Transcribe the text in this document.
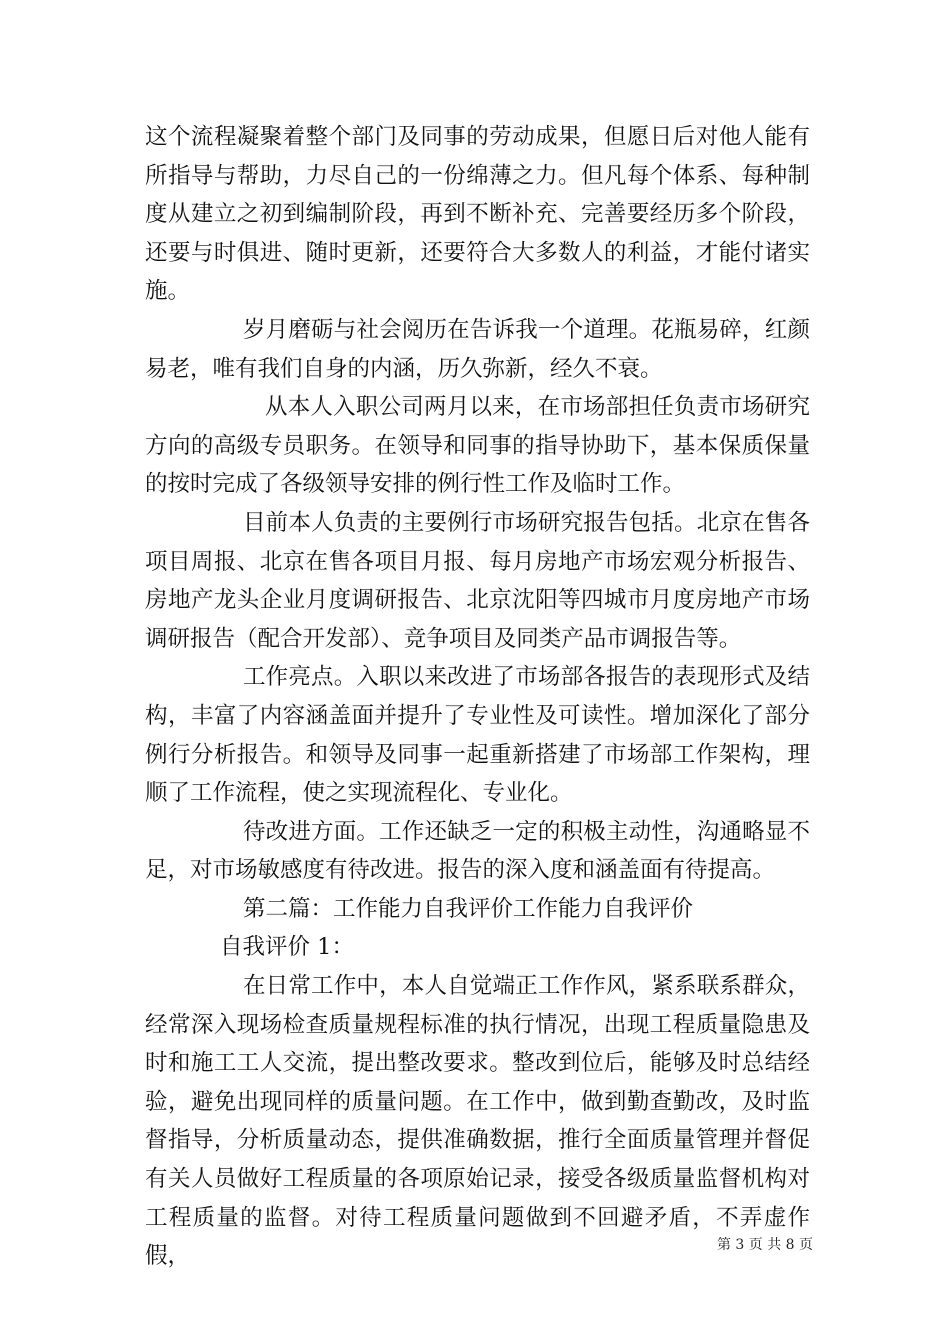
这个流程凝聚着整个部门及同事的劳动成果，但愿日后对他人能有所指导与帮助，力尽自己的一份绵薄之力。但凡每个体系、每种制度从建立之初到编制阶段，再到不断补充、完善要经历多个阶段，还要与时俱进、随时更新，还要符合大多数人的利益，才能付诸实施。

岁月磨砺与社会阅历在告诉我一个道理。花瓶易碎，红颜易老，唯有我们自身的内涵，历久弥新，经久不衰。

从本人入职公司两月以来，在市场部担任负责市场研究方向的高级专员职务。在领导和同事的指导协助下，基本保质保量的按时完成了各级领导安排的例行性工作及临时工作。

目前本人负责的主要例行市场研究报告包括。北京在售各项目周报、北京在售各项目月报、每月房地产市场宏观分析报告、房地产龙头企业月度调研报告、北京沈阳等四城市月度房地产市场调研报告（配合开发部）、竞争项目及同类产品市调报告等。

工作亮点。入职以来改进了市场部各报告的表现形式及结构，丰富了内容涵盖面并提升了专业性及可读性。增加深化了部分例行分析报告。和领导及同事一起重新搭建了市场部工作架构，理顺了工作流程，使之实现流程化、专业化。

待改进方面。工作还缺乏一定的积极主动性，沟通略显不足，对市场敏感度有待改进。报告的深入度和涵盖面有待提高。

第二篇：工作能力自我评价工作能力自我评价

自我评价 1：

在日常工作中，本人自觉端正工作作风，紧系联系群众，经常深入现场检查质量规程标准的执行情况，出现工程质量隐患及时和施工工人交流，提出整改要求。整改到位后，能够及时总结经验，避免出现同样的质量问题。在工作中，做到勤查勤改，及时监督指导，分析质量动态，提供准确数据，推行全面质量管理并督促有关人员做好工程质量的各项原始记录，接受各级质量监督机构对工程质量的监督。对待工程质量问题做到不回避矛盾，不弄虚作假，	第 3 页 共 8 页
